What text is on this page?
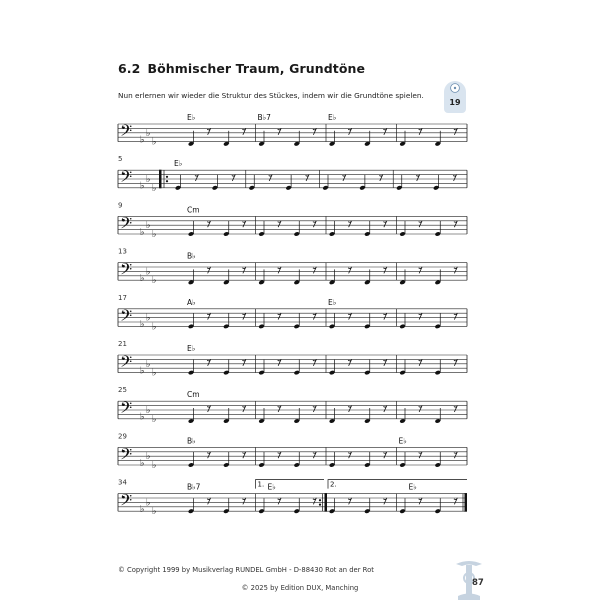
6.2 Böhmischer Traum, Grundtöne
Nun erlernen wir wieder die Struktur des Stückes, indem wir die Grundtöne spielen.
19
𝄢 ♭
♭
♭
E♭	B♭7	E♭
𝄢 ♭
♭
♭
5	E♭
𝄢 ♭
♭
♭
9	Cm
𝄢 ♭
♭
♭
13	B♭
𝄢 ♭
♭
♭
17	A♭	E♭
𝄢 ♭
♭
♭
21	E♭
𝄢 ♭
♭
♭
25	Cm
𝄢 ♭
♭
♭
29	B♭	E♭
𝄢 ♭
♭
♭
34	1.	2.
B♭7	E♭	E♭
© Copyright 1999 by Musikverlag RUNDEL GmbH - D-88430 Rot an der Rot
© 2025 by Edition DUX, Manching	87
